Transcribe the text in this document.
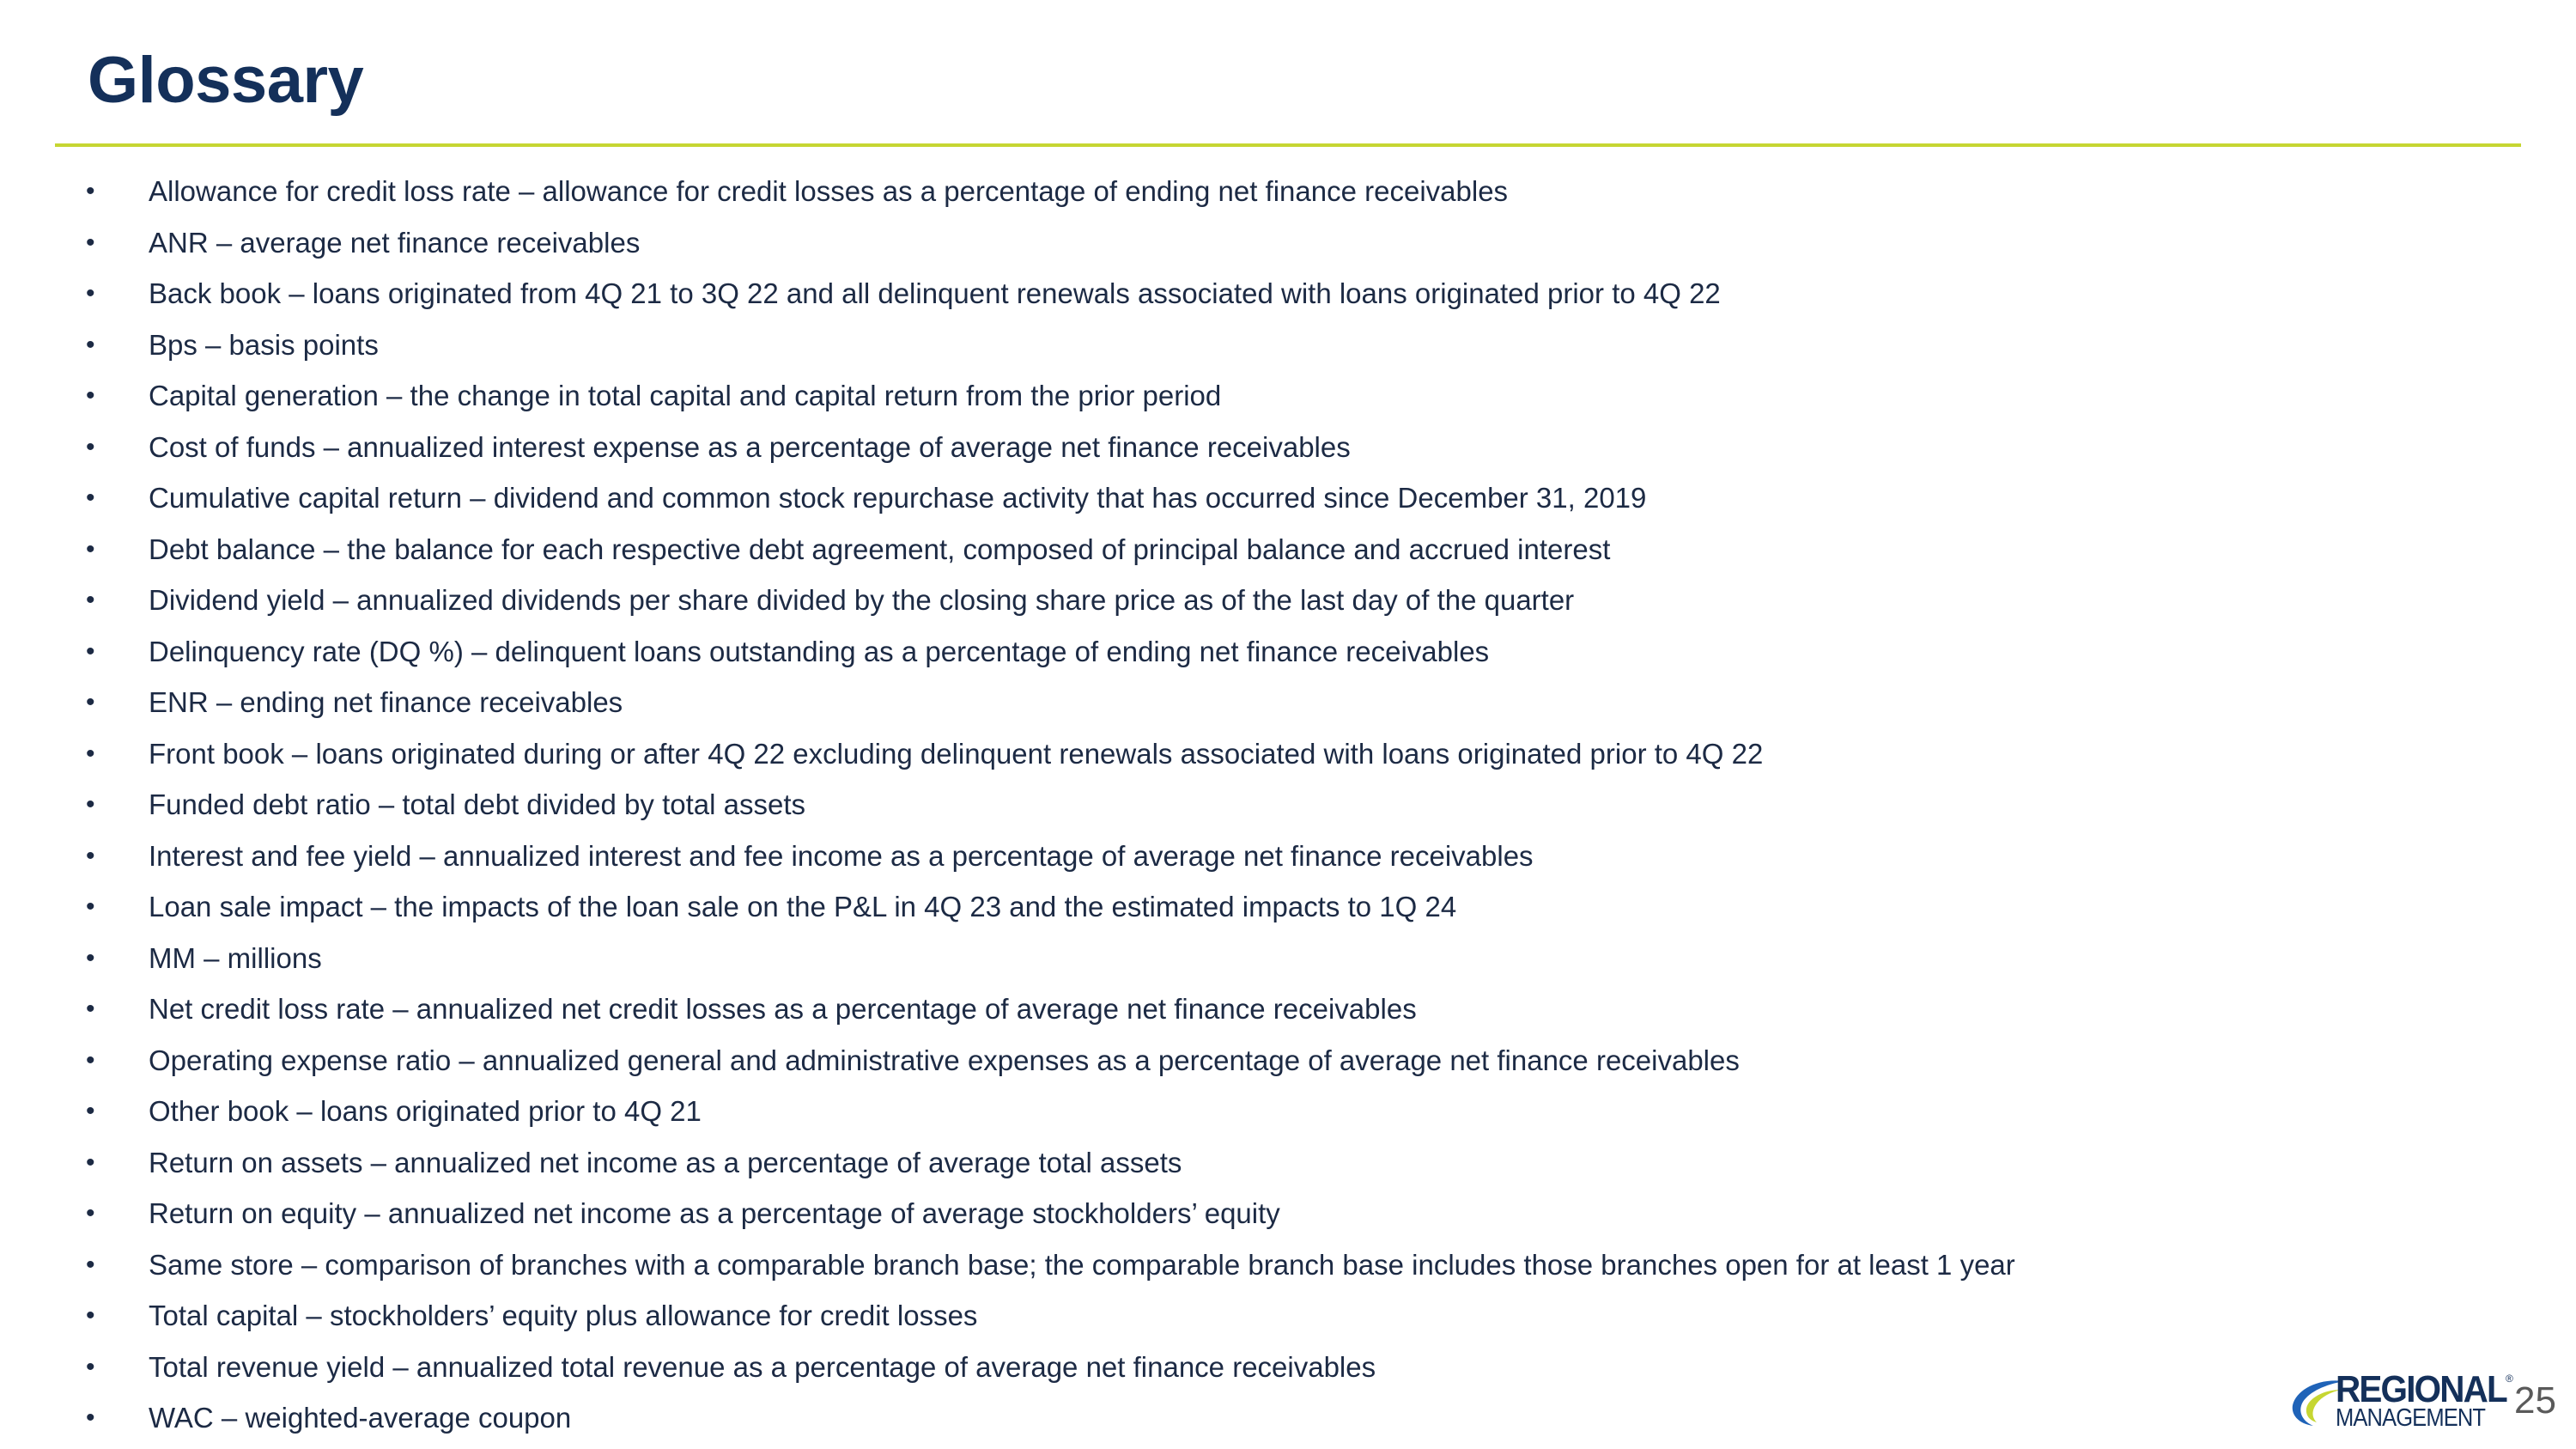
Glossary
• Allowance for credit loss rate – allowance for credit losses as a percentage of ending net finance receivables
• ANR – average net finance receivables
• Back book – loans originated from 4Q 21 to 3Q 22 and all delinquent renewals associated with loans originated prior to 4Q 22
• Bps – basis points
• Capital generation – the change in total capital and capital return from the prior period
• Cost of funds – annualized interest expense as a percentage of average net finance receivables
• Cumulative capital return – dividend and common stock repurchase activity that has occurred since December 31, 2019
• Debt balance – the balance for each respective debt agreement, composed of principal balance and accrued interest
• Dividend yield – annualized dividends per share divided by the closing share price as of the last day of the quarter
• Delinquency rate (DQ %) – delinquent loans outstanding as a percentage of ending net finance receivables
• ENR – ending net finance receivables
• Front book – loans originated during or after 4Q 22 excluding delinquent renewals associated with loans originated prior to 4Q 22
• Funded debt ratio – total debt divided by total assets
• Interest and fee yield – annualized interest and fee income as a percentage of average net finance receivables
• Loan sale impact – the impacts of the loan sale on the P&L in 4Q 23 and the estimated impacts to 1Q 24
• MM – millions
• Net credit loss rate – annualized net credit losses as a percentage of average net finance receivables
• Operating expense ratio – annualized general and administrative expenses as a percentage of average net finance receivables
• Other book – loans originated prior to 4Q 21
• Return on assets – annualized net income as a percentage of average total assets
• Return on equity – annualized net income as a percentage of average stockholders’ equity
• Same store – comparison of branches with a comparable branch base; the comparable branch base includes those branches open for at least 1 year
• Total capital – stockholders’ equity plus allowance for credit losses
• Total revenue yield – annualized total revenue as a percentage of average net finance receivables
• WAC – weighted-average coupon
REGIONAL ®
MANAGEMENT 25
